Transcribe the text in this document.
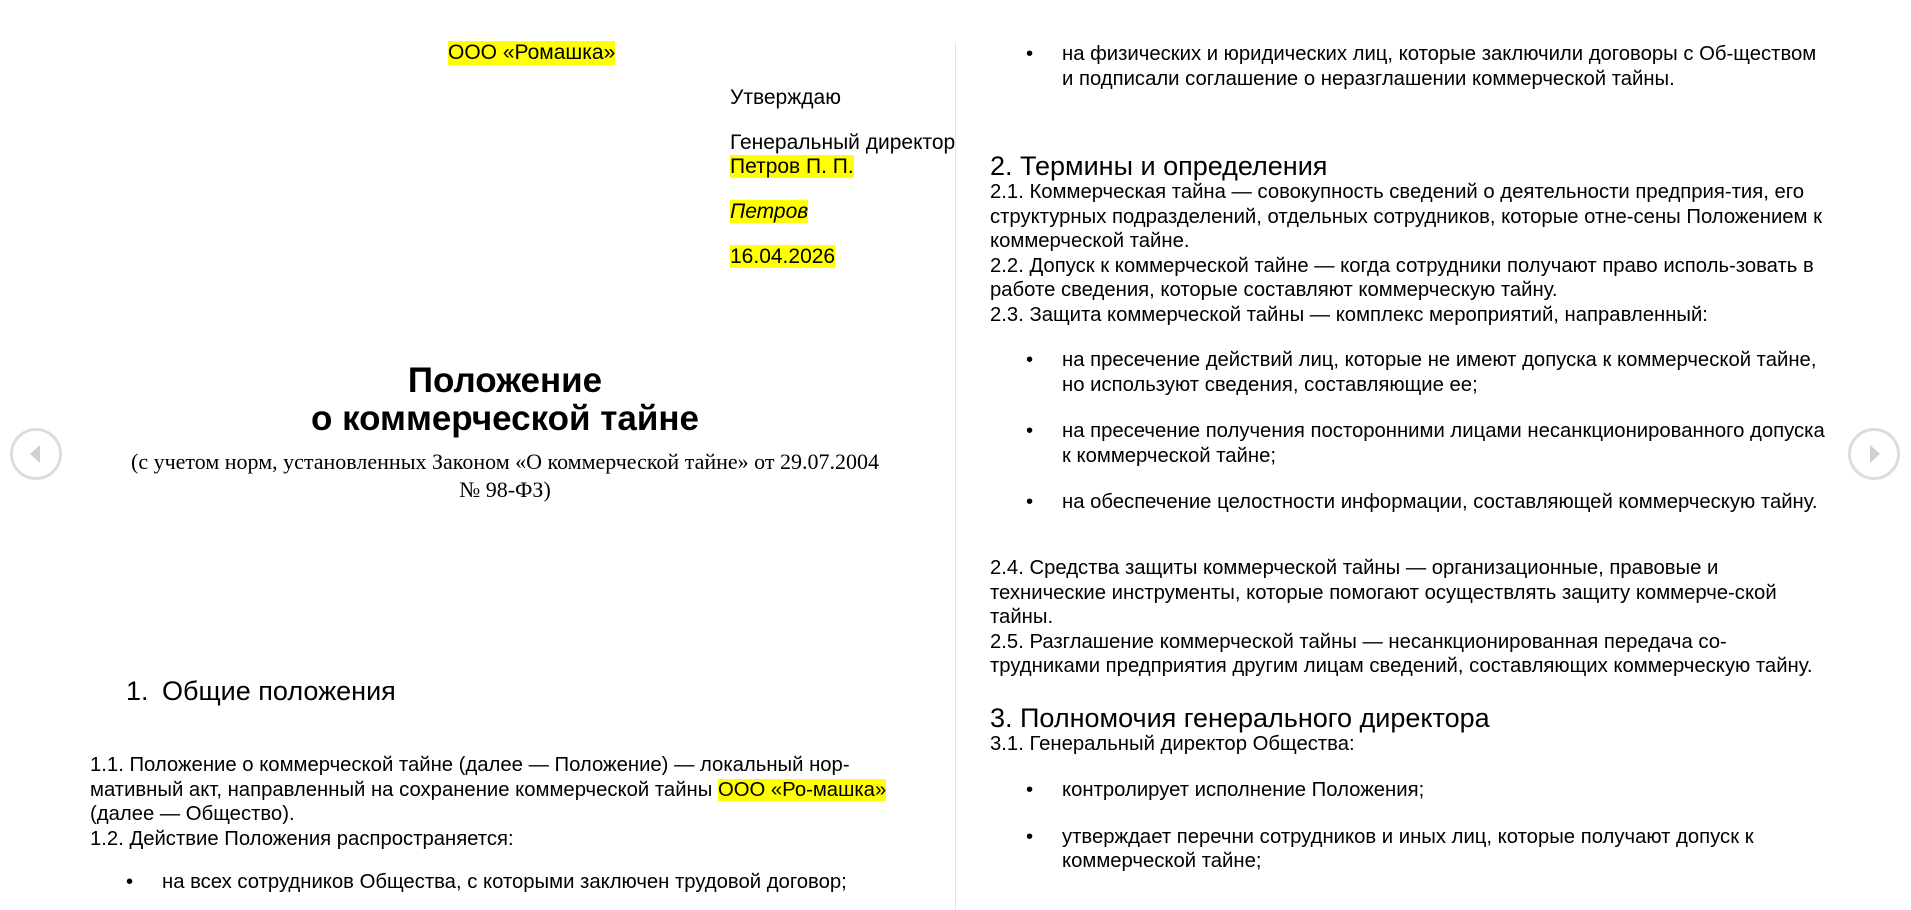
ООО «Ромашка»
Утверждаю
Генеральный директор
Петров П. П.
Петров
16.04.2026
Положение
о коммерческой тайне
(с учетом норм, установленных Законом «О коммерческой тайне» от 29.07.2004
№ 98-ФЗ)
1. Общие положения
1.1. Положение о коммерческой тайне (далее — Положение) — локальный нор-мативный акт, направленный на сохранение коммерческой тайны ООО «Ро-машка» (далее — Общество).
1.2. Действие Положения распространяется:
• на всех сотрудников Общества, с которыми заключен трудовой договор;
• на физических и юридических лиц, которые заключили договоры с Об-ществом и подписали соглашение о неразглашении коммерческой тайны.
2. Термины и определения
2.1. Коммерческая тайна — совокупность сведений о деятельности предприя-тия, его структурных подразделений, отдельных сотрудников, которые отне-сены Положением к коммерческой тайне.
2.2. Допуск к коммерческой тайне — когда сотрудники получают право исполь-зовать в работе сведения, которые составляют коммерческую тайну.
2.3. Защита коммерческой тайны — комплекс мероприятий, направленный:
• на пресечение действий лиц, которые не имеют допуска к коммерческой тайне, но используют сведения, составляющие ее;
• на пресечение получения посторонними лицами несанкционированного допуска к коммерческой тайне;
• на обеспечение целостности информации, составляющей коммерческую тайну.
2.4. Средства защиты коммерческой тайны — организационные, правовые и технические инструменты, которые помогают осуществлять защиту коммерче-ской тайны.
2.5. Разглашение коммерческой тайны — несанкционированная передача со-трудниками предприятия другим лицам сведений, составляющих коммерческую тайну.
3. Полномочия генерального директора
3.1. Генеральный директор Общества:
• контролирует исполнение Положения;
• утверждает перечни сотрудников и иных лиц, которые получают допуск к коммерческой тайне;
